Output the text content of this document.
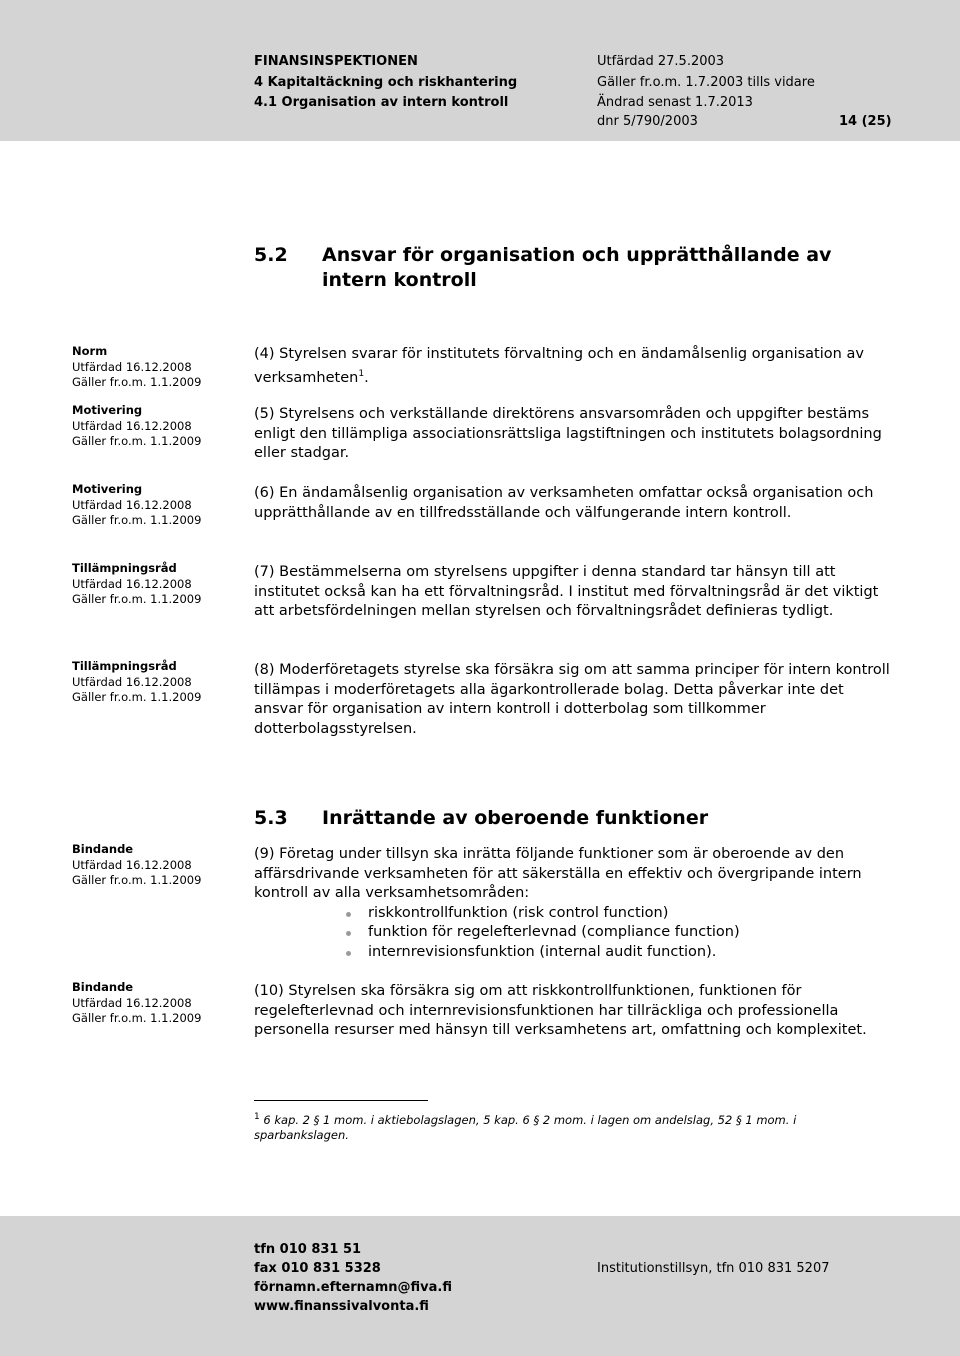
FINANSINSPEKTIONEN
4 Kapitaltäckning och riskhantering
4.1 Organisation av intern kontroll
Utfärdad 27.5.2003
Gäller fr.o.m. 1.7.2003 tills vidare
Ändrad senast 1.7.2013
dnr 5/790/2003	14 (25)
5.2 Ansvar för organisation och upprätthållande av
intern kontroll
Norm
Utfärdad 16.12.2008
Gäller fr.o.m. 1.1.2009
Motivering
Utfärdad 16.12.2008
Gäller fr.o.m. 1.1.2009
Motivering
Utfärdad 16.12.2008
Gäller fr.o.m. 1.1.2009
Tillämpningsråd
Utfärdad 16.12.2008
Gäller fr.o.m. 1.1.2009
Tillämpningsråd
Utfärdad 16.12.2008
Gäller fr.o.m. 1.1.2009
Bindande
Utfärdad 16.12.2008
Gäller fr.o.m. 1.1.2009
Bindande
Utfärdad 16.12.2008
Gäller fr.o.m. 1.1.2009

(4) Styrelsen svarar för institutets förvaltning och en ändamålsenlig organisation av verksamheten$^1$.

(5) Styrelsens och verkställande direktörens ansvarsområden och uppgifter bestäms enligt den tillämpliga associationsrättsliga lagstiftningen och institutets bolagsordning eller stadgar.
(6) En ändamålsenlig organisation av verksamheten omfattar också organisation och upprätthållande av en tillfredsställande och välfungerande intern kontroll.
(7) Bestämmelserna om styrelsens uppgifter i denna standard tar hänsyn till att institutet också kan ha ett förvaltningsråd. I institut med förvaltningsråd är det viktigt att arbetsfördelningen mellan styrelsen och förvaltningsrådet definieras tydligt.
(8) Moderföretagets styrelse ska försäkra sig om att samma principer för intern kontroll tillämpas i moderföretagets alla ägarkontrollerade bolag. Detta påverkar inte det ansvar för organisation av intern kontroll i dotterbolag som tillkommer dotterbolagsstyrelsen.
5.3 Inrättande av oberoende funktioner

(9) Företag under tillsyn ska inrätta följande funktioner som är oberoende av den affärsdrivande verksamheten för att säkerställa en effektiv och övergripande intern kontroll av alla verksamhetsområden:

riskkontrollfunktion (risk control function)
funktion för regelefterlevnad (compliance function)
internrevisionsfunktion (internal audit function).
(10) Styrelsen ska försäkra sig om att riskkontrollfunktionen, funktionen för regelefterlevnad och internrevisionsfunktionen har tillräckliga och professionella personella resurser med hänsyn till verksamhetens art, omfattning och komplexitet.
$^1$ 6 kap. 2 § 1 mom. i aktiebolagslagen, 5 kap. 6 § 2 mom. i lagen om andelslag, 52 § 1 mom. i sparbankslagen.
tfn 010 831 51
fax 010 831 5328
förnamn.efternamn@fiva.fi
www.finanssivalvonta.fi
Institutionstillsyn, tfn 010 831 5207
